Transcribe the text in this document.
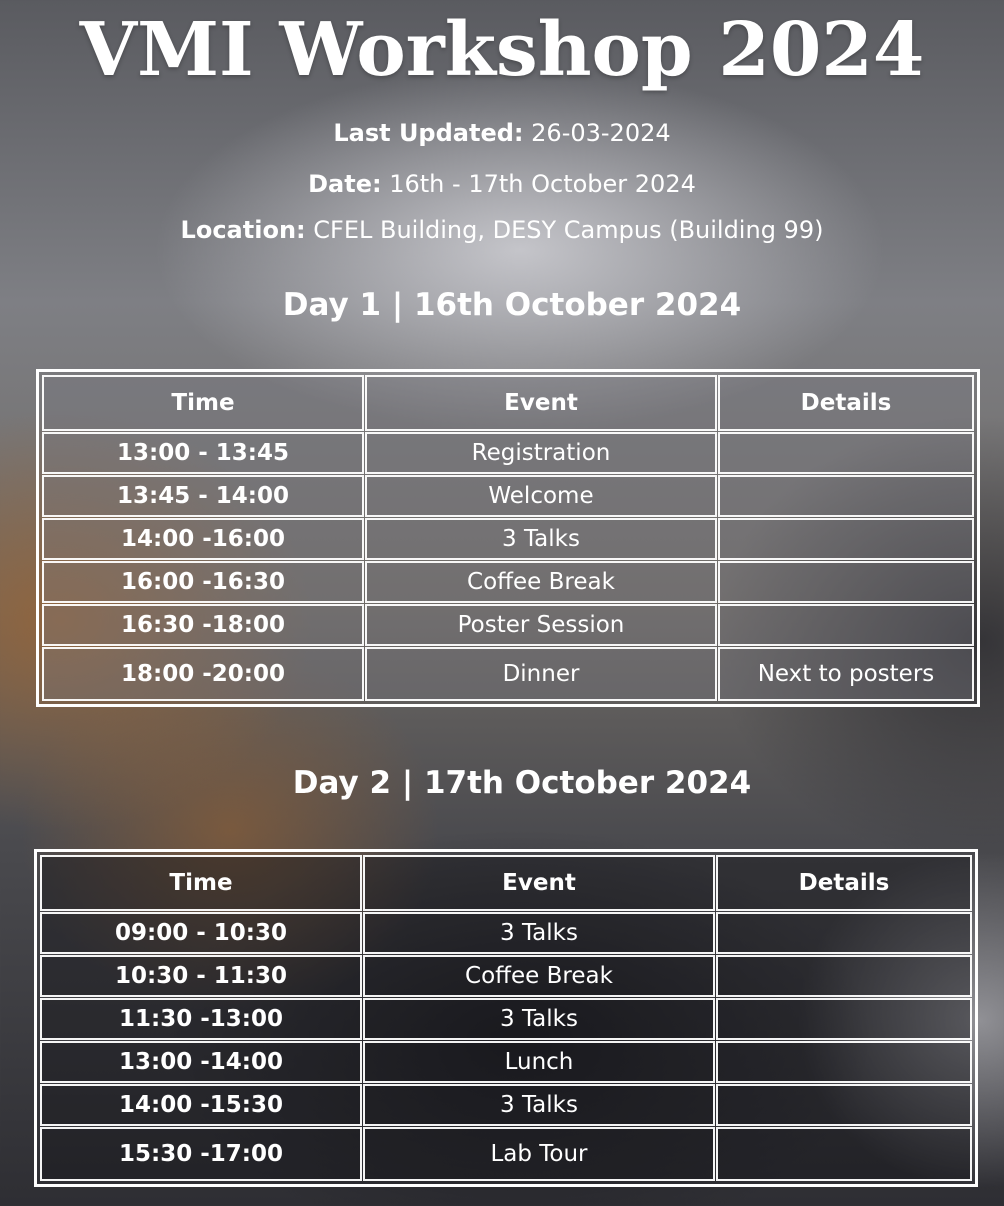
VMI Workshop 2024

Last Updated: 26-03-2024

Date: 16th - 17th October 2024

Location: CFEL Building, DESY Campus (Building 99)

Day 1 | 16th October 2024
Time	Event	Details
13:00 - 13:45	Registration	
13:45 - 14:00	Welcome	
14:00 -16:00	3 Talks	
16:00 -16:30	Coffee Break	
16:30 -18:00	Poster Session	
18:00 -20:00	Dinner	Next to posters
Day 2 | 17th October 2024
Time	Event	Details
09:00 - 10:30	3 Talks	
10:30 - 11:30	Coffee Break	
11:30 -13:00	3 Talks	
13:00 -14:00	Lunch	
14:00 -15:30	3 Talks	
15:30 -17:00	Lab Tour	
